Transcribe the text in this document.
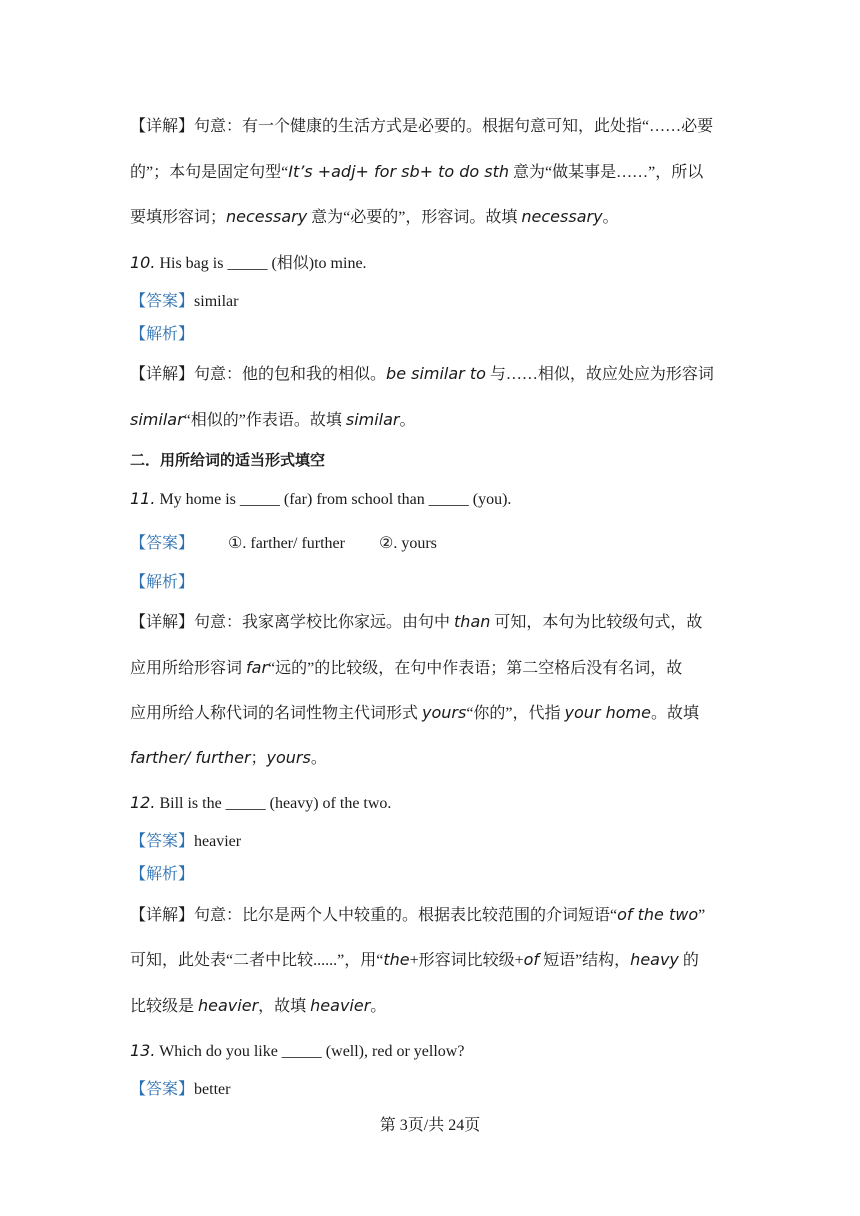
【详解】句意：有一个健康的生活方式是必要的。根据句意可知，此处指“……必要
的”；本句是固定句型“It’s +adj+ for sb+ to do sth 意为“做某事是……”，所以
要填形容词；necessary 意为“必要的”，形容词。故填 necessary。
10. His bag is _____ (相似)to mine.
【答案】similar
【解析】
【详解】句意：他的包和我的相似。be similar to 与……相似，故应处应为形容词
similar“相似的”作表语。故填 similar。
二．用所给词的适当形式填空
11. My home is _____ (far) from school than _____ (you).
【答案】 ①. farther/ further ②. yours
【解析】
【详解】句意：我家离学校比你家远。由句中 than 可知，本句为比较级句式，故
应用所给形容词 far“远的”的比较级，在句中作表语；第二空格后没有名词，故
应用所给人称代词的名词性物主代词形式 yours“你的”，代指 your home。故填
farther/ further；yours。
12. Bill is the _____ (heavy) of the two.
【答案】heavier
【解析】
【详解】句意：比尔是两个人中较重的。根据表比较范围的介词短语“of the two”
可知，此处表“二者中比较......”，用“the+形容词比较级+of 短语”结构，heavy 的
比较级是 heavier，故填 heavier。
13. Which do you like _____ (well), red or yellow?
【答案】better
第 3页/共 24页
